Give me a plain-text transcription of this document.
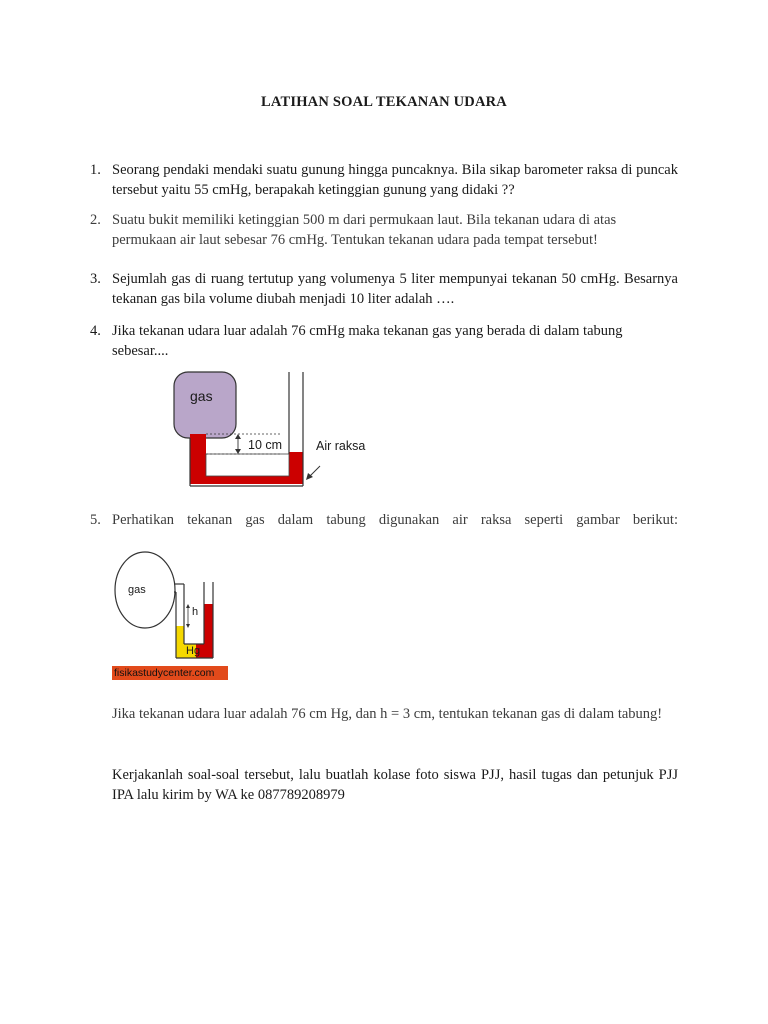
LATIHAN SOAL TEKANAN UDARA
1. Seorang pendaki mendaki suatu gunung hingga puncaknya. Bila sikap barometer raksa di puncak tersebut yaitu 55 cmHg, berapakah ketinggian gunung yang didaki ??
2. Suatu bukit memiliki ketinggian 500 m dari permukaan laut. Bila tekanan udara di atas permukaan air laut sebesar 76 cmHg. Tentukan tekanan udara pada tempat tersebut!
3. Sejumlah gas di ruang tertutup yang volumenya 5 liter mempunyai tekanan 50 cmHg. Besarnya tekanan gas bila volume diubah menjadi 10 liter adalah ….
4. Jika tekanan udara luar adalah 76 cmHg maka tekanan gas yang berada di dalam tabung sebesar....
gas
10 cm	Air raksa
5. Perhatikan tekanan gas dalam tabung digunakan air raksa seperti gambar berikut:
gas
h
Hg
fisikastudycenter.com
Jika tekanan udara luar adalah 76 cm Hg, dan h = 3 cm, tentukan tekanan gas di dalam tabung!
Kerjakanlah soal-soal tersebut, lalu buatlah kolase foto siswa PJJ, hasil tugas dan petunjuk PJJ IPA lalu kirim by WA ke 087789208979
